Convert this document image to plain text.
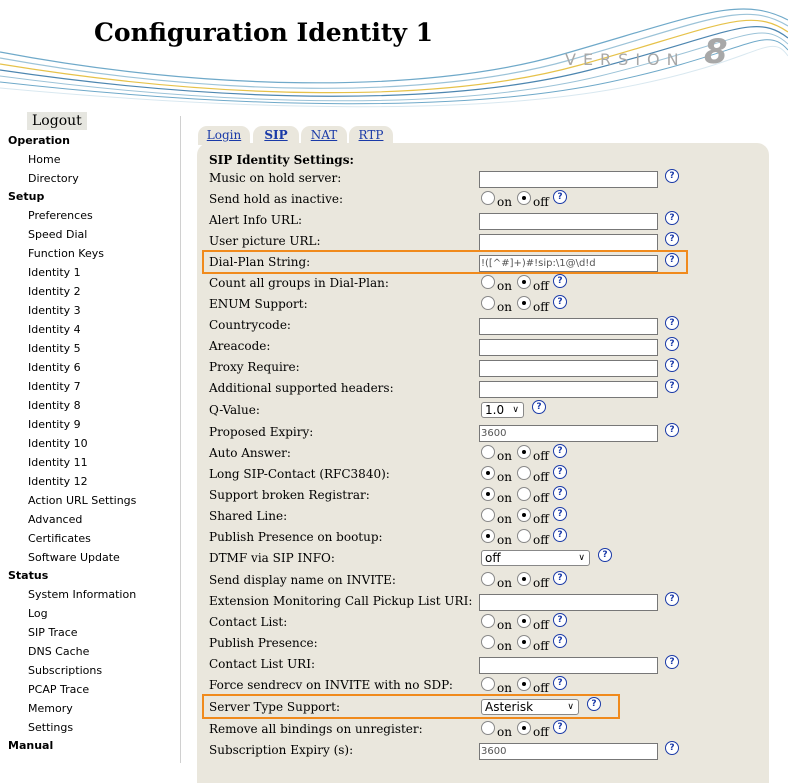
Configuration Identity 1
VERSION 8
Logout
Operation
Home
Directory
Setup
Preferences
Speed Dial
Function Keys
Identity 1
Identity 2
Identity 3
Identity 4
Identity 5
Identity 6
Identity 7
Identity 8
Identity 9
Identity 10
Identity 11
Identity 12
Action URL Settings
Advanced
Certificates
Software Update
Status
System Information
Log
SIP Trace
DNS Cache
Subscriptions
PCAP Trace
Memory
Settings
Manual
Login	SIP	NAT	RTP
SIP Identity Settings:
Music on hold server:	?
Send hold as inactive:	on off ?
Alert Info URL:	?
User picture URL:	?
Dial-Plan String:	!([^#]+)#!sip:\1@\d!d	?
Count all groups in Dial-Plan:	on off ?
ENUM Support:	on off ?
Countrycode:	?
Areacode:	?
Proxy Require:	?
Additional supported headers:	?
Q-Value:	1.0 ∨	?
Proposed Expiry:	3600	?
Auto Answer:	on off ?
Long SIP-Contact (RFC3840):	on off ?
Support broken Registrar:	on off ?
Shared Line:	on off ?
Publish Presence on bootup:	on off ?
DTMF via SIP INFO:	off	∨	?
Send display name on INVITE:	on off ?
Extension Monitoring Call Pickup List URI:	?
Contact List:	on off ?
Publish Presence:	on off ?
Contact List URI:	?
Force sendrecv on INVITE with no SDP:	on off ?
Server Type Support:	Asterisk	∨	?
Remove all bindings on unregister:	on off ?
Subscription Expiry (s):	3600	?
